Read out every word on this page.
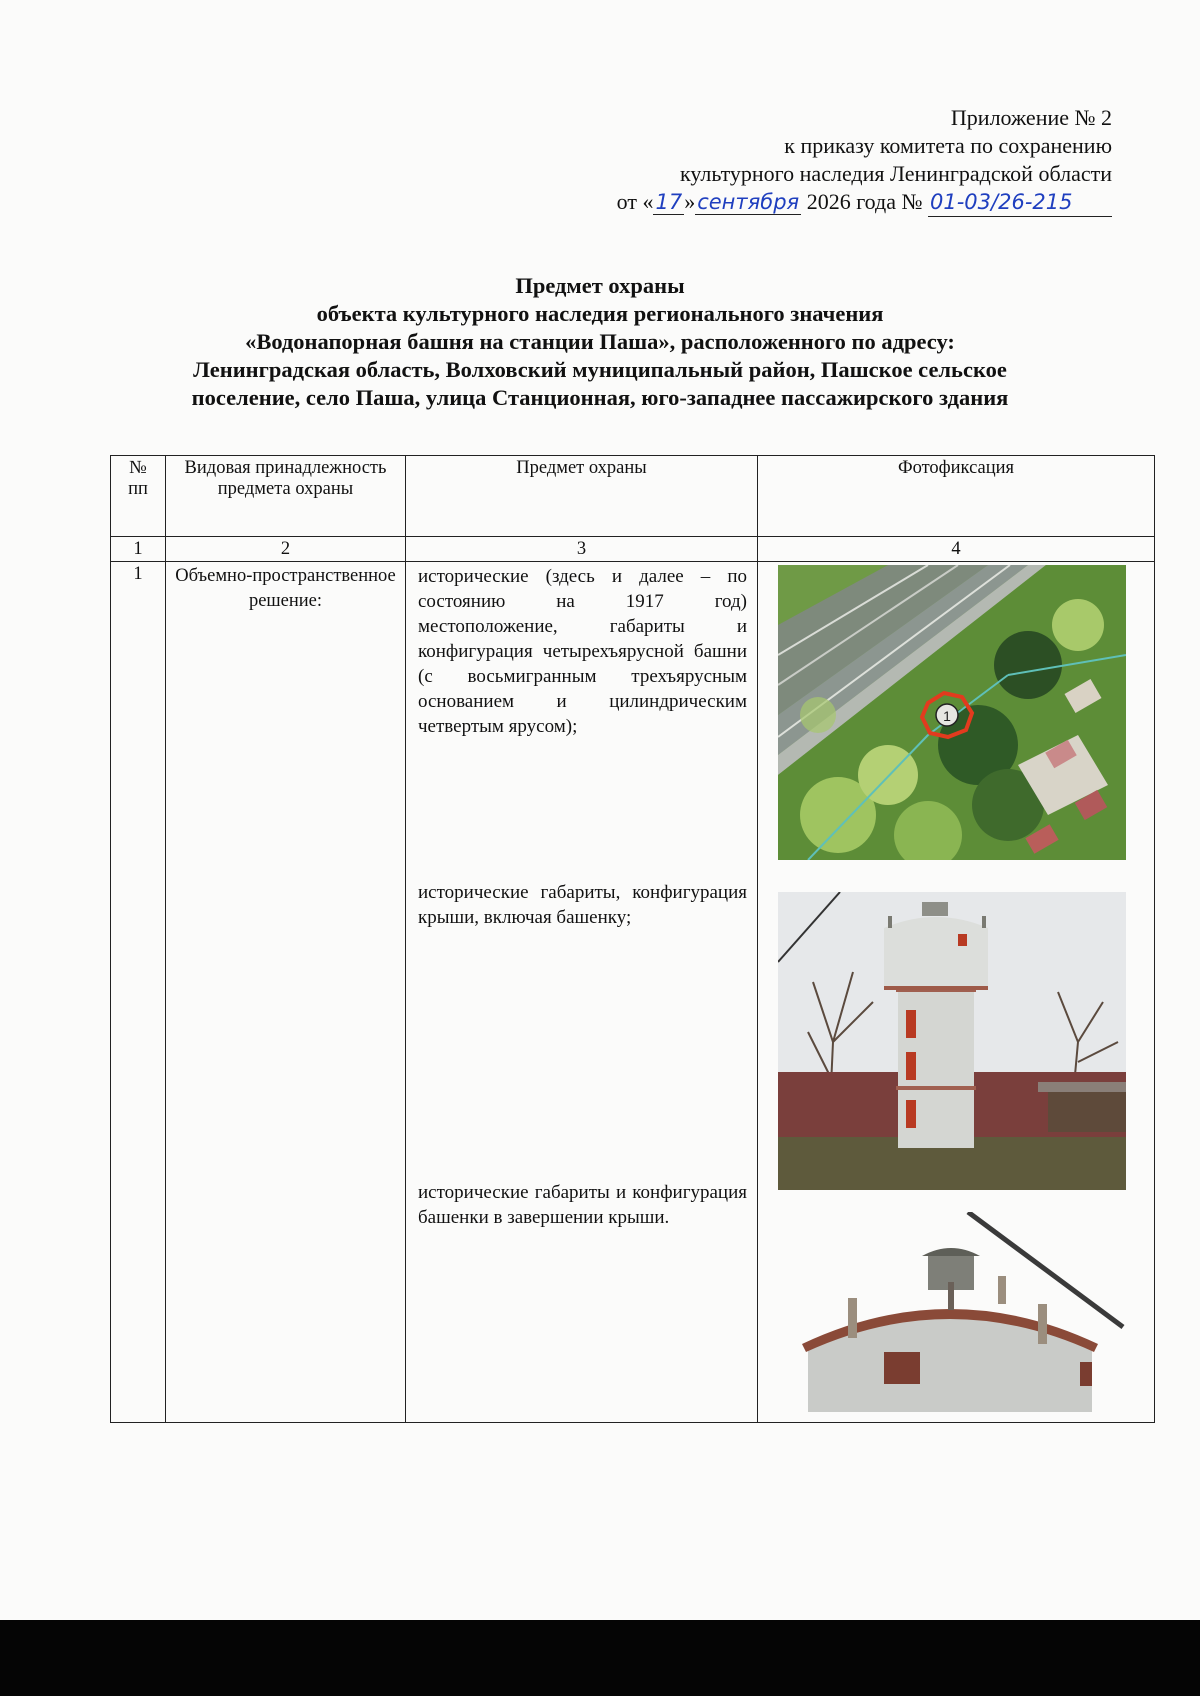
Приложение № 2
к приказу комитета по сохранению
культурного наследия Ленинградской области
от «17»сентября 2026 года № 01-03/26-215
Предмет охраны
объекта культурного наследия регионального значения
«Водонапорная башня на станции Паша», расположенного по адресу:
Ленинградская область, Волховский муниципальный район, Пашское сельское
поселение, село Паша, улица Станционная, юго-западнее пассажирского здания
№ пп	Видовая принадлежность предмета охраны	Предмет охраны	Фотофиксация
1	2	3	4
1	Объемно-пространственное решение:	исторические (здесь и далее – по состоянию на 1917 год) местоположение, габариты и конфигурация четырехъярусной башни (с восьмигранным трехъярусным основанием и цилиндрическим четвертым ярусом);
исторические габариты, конфигурация крыши, включая башенку;
исторические габариты и конфигурация башенки в завершении крыши.	1
